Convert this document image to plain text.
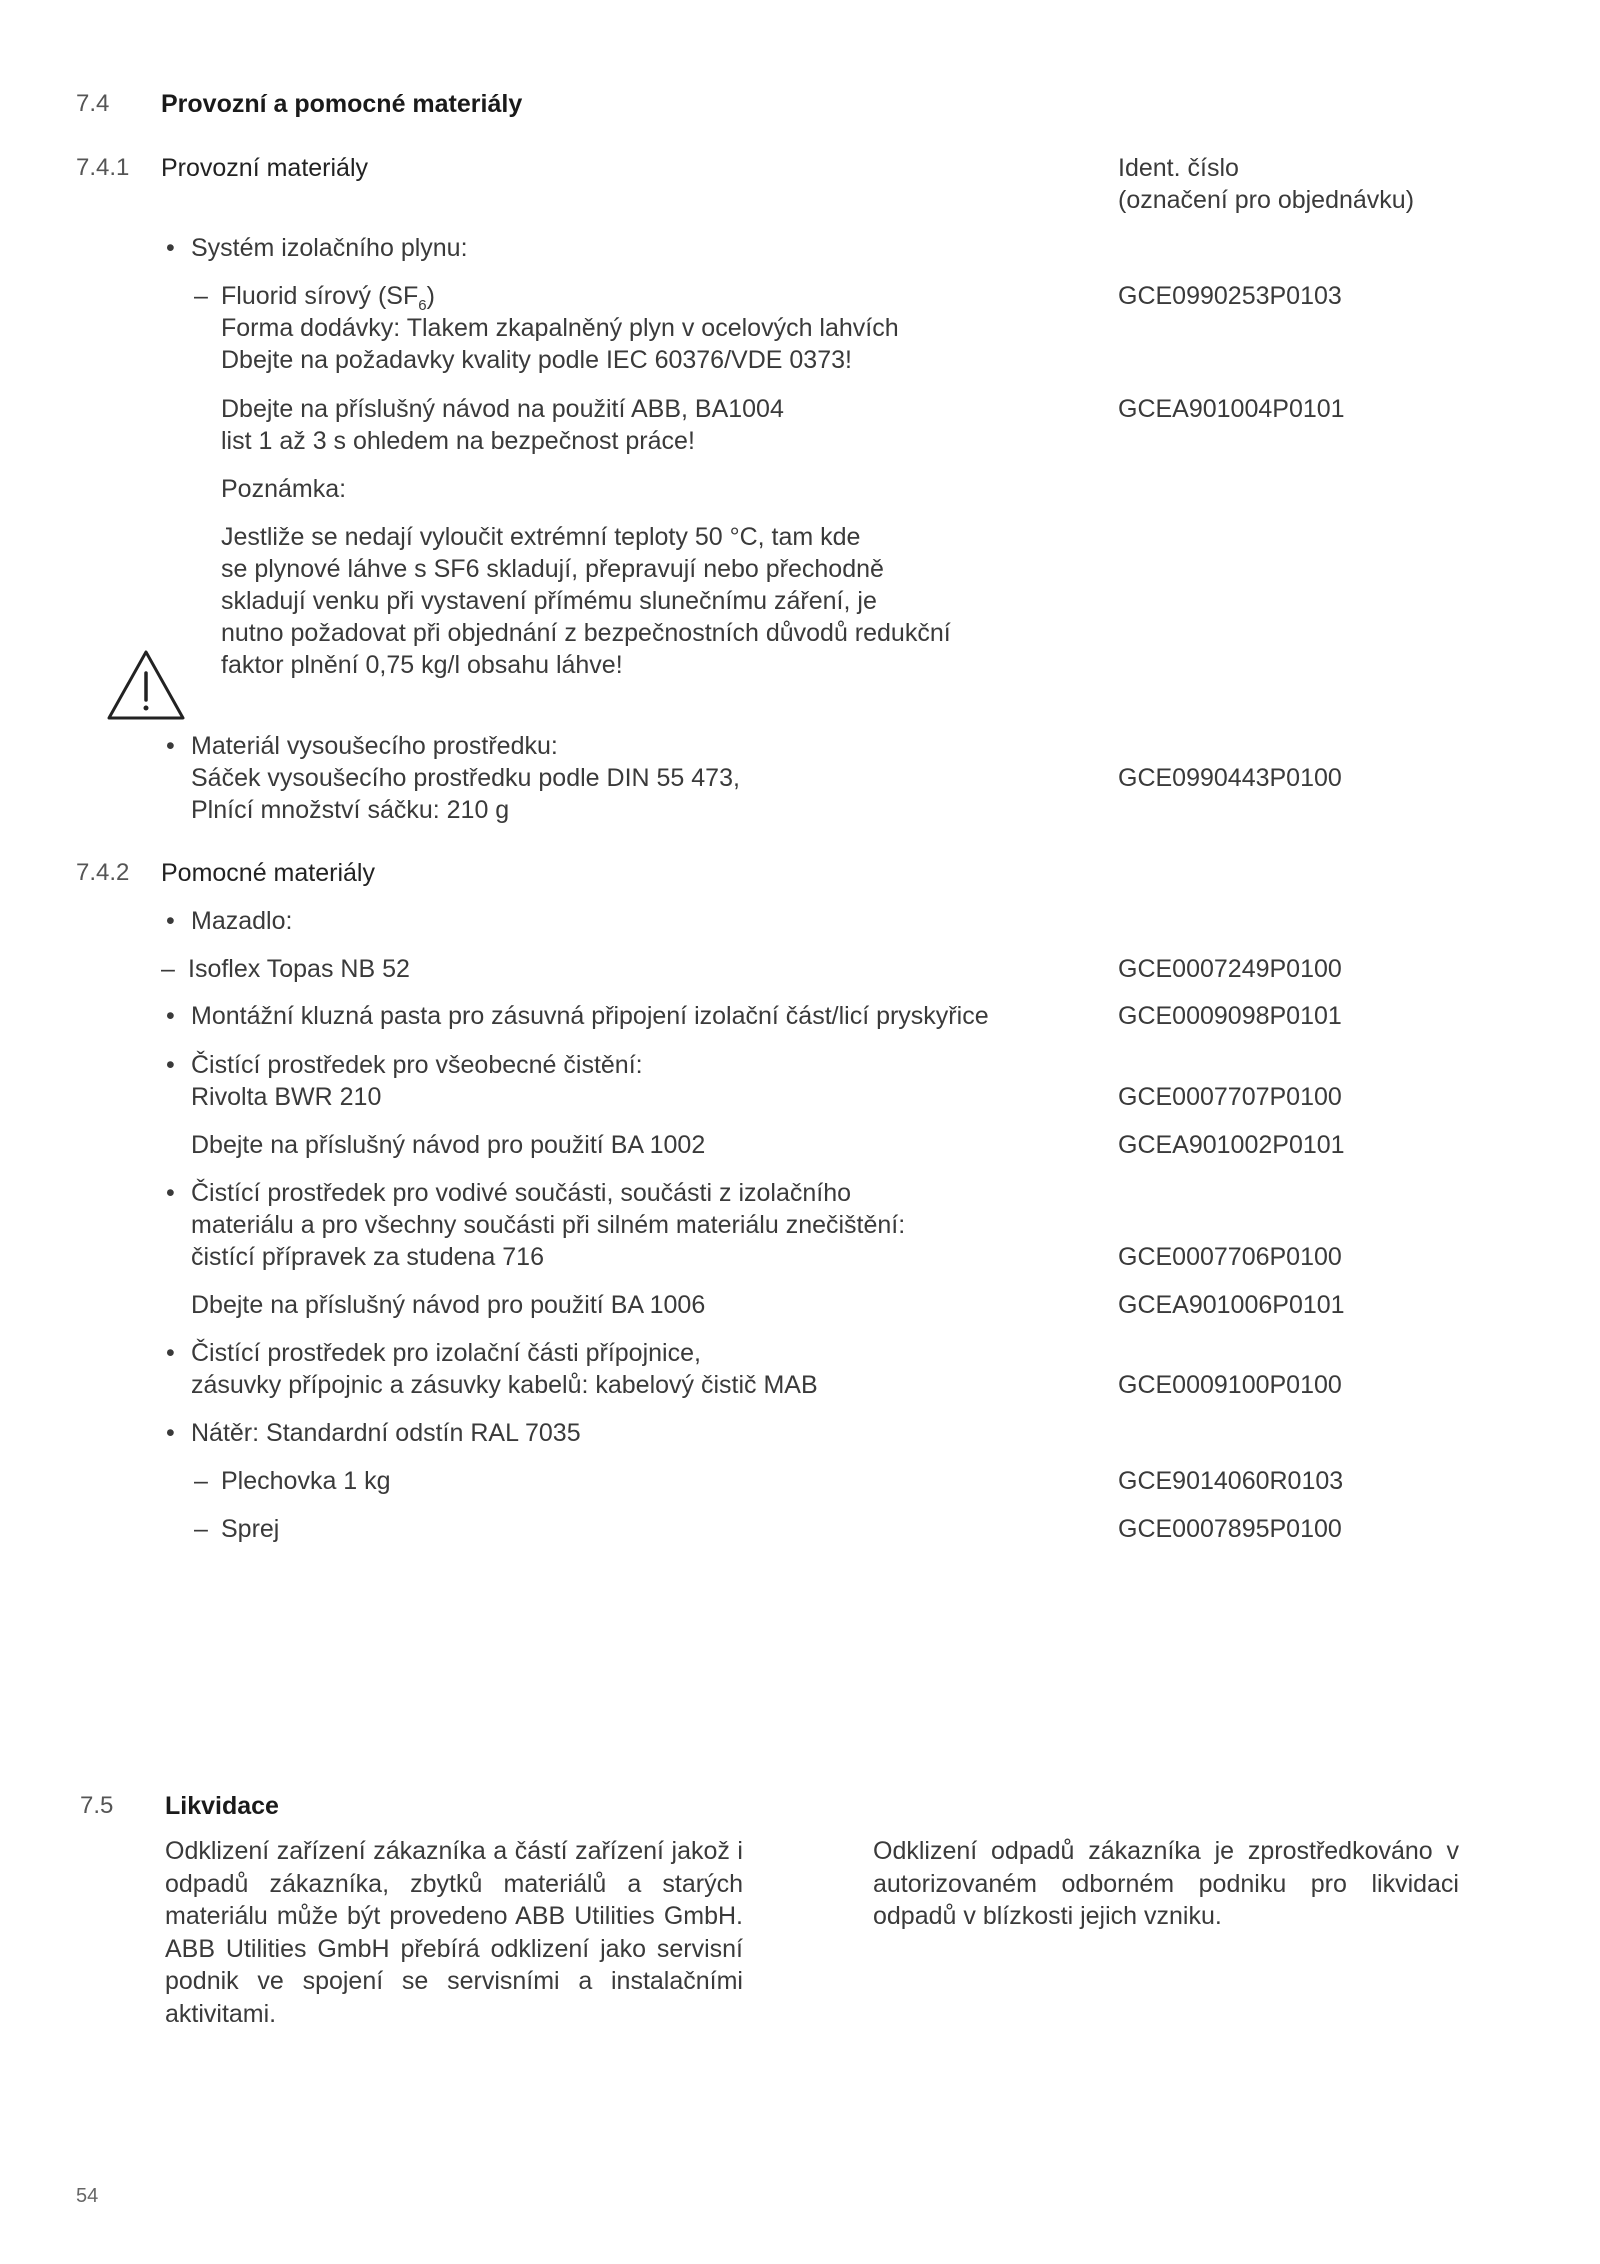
7.4 Provozní a pomocné materiály
7.4.1 Provozní materiály	Ident. číslo
(označení pro objednávku)
• Systém izolačního plynu:
– Fluorid sírový $(SF_6)$	GCE0990253P0103
Forma dodávky: Tlakem zkapalněný plyn v ocelových lahvích
Dbejte na požadavky kvality podle IEC 60376/VDE 0373!
Dbejte na příslušný návod na použití ABB, BA1004	GCEA901004P0101
list 1 až 3 s ohledem na bezpečnost práce!
Poznámka:
Jestliže se nedají vyloučit extrémní teploty 50 °C, tam kde
se plynové láhve s SF6 skladují, přepravují nebo přechodně
skladují venku při vystavení přímému slunečnímu záření, je
nutno požadovat při objednání z bezpečnostních důvodů redukční
faktor plnění 0,75 kg/l obsahu láhve!
• Materiál vysoušecího prostředku:
Sáček vysoušecího prostředku podle DIN 55 473,	GCE0990443P0100
Plnící množství sáčku: 210 g
7.4.2 Pomocné materiály
• Mazadlo:
– Isoflex Topas NB 52	GCE0007249P0100
• Montážní kluzná pasta pro zásuvná připojení izolační část/licí pryskyřice	GCE0009098P0101
• Čistící prostředek pro všeobecné čistění:
Rivolta BWR 210	GCE0007707P0100
Dbejte na příslušný návod pro použití BA 1002	GCEA901002P0101
• Čistící prostředek pro vodivé součásti, součásti z izolačního
materiálu a pro všechny součásti při silném materiálu znečištění:
čistící přípravek za studena 716	GCE0007706P0100
Dbejte na příslušný návod pro použití BA 1006	GCEA901006P0101
• Čistící prostředek pro izolační části přípojnice,
zásuvky přípojnic a zásuvky kabelů: kabelový čistič MAB	GCE0009100P0100
• Nátěr: Standardní odstín RAL 7035
– Plechovka 1 kg	GCE9014060R0103
– Sprej	GCE0007895P0100
7.5 Likvidace
Odklizení zařízení zákazníka a částí zařízení jakož i odpadů zákazníka, zbytků materiálů a starých materiálu může být provedeno ABB Utilities GmbH. ABB Utilities GmbH přebírá odklizení jako servisní podnik ve spojení se servisními a instalačními aktivitami.
Odklizení odpadů zákazníka je zprostředkováno v autorizovaném odborném podniku pro likvidaci odpadů v blízkosti jejich vzniku.
54
